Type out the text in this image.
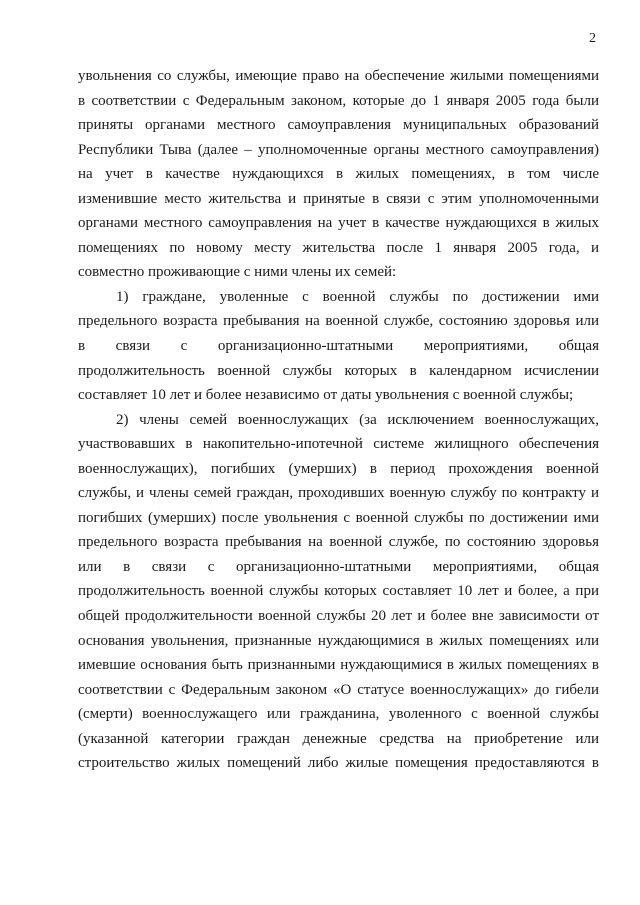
2
увольнения со службы, имеющие право на обеспечение жилыми помещениями
в соответствии с Федеральным законом, которые до 1 января 2005 года были
приняты органами местного самоуправления муниципальных образований
Республики Тыва (далее – уполномоченные органы местного самоуправления)
на учет в качестве нуждающихся в жилых помещениях, в том числе
изменившие место жительства и принятые в связи с этим уполномоченными
органами местного самоуправления на учет в качестве нуждающихся в жилых
помещениях по новому месту жительства после 1 января 2005 года, и
совместно проживающие с ними члены их семей:
1) граждане, уволенные с военной службы по достижении ими
предельного возраста пребывания на военной службе, состоянию здоровья или
в связи с организационно-штатными мероприятиями, общая
продолжительность военной службы которых в календарном исчислении
составляет 10 лет и более независимо от даты увольнения с военной службы;
2) члены семей военнослужащих (за исключением военнослужащих,
участвовавших в накопительно-ипотечной системе жилищного обеспечения
военнослужащих), погибших (умерших) в период прохождения военной
службы, и члены семей граждан, проходивших военную службу по контракту и
погибших (умерших) после увольнения с военной службы по достижении ими
предельного возраста пребывания на военной службе, по состоянию здоровья
или в связи с организационно-штатными мероприятиями, общая
продолжительность военной службы которых составляет 10 лет и более, а при
общей продолжительности военной службы 20 лет и более вне зависимости от
основания увольнения, признанные нуждающимися в жилых помещениях или
имевшие основания быть признанными нуждающимися в жилых помещениях в
соответствии с Федеральным законом «О статусе военнослужащих» до гибели
(смерти) военнослужащего или гражданина, уволенного с военной службы
(указанной категории граждан денежные средства на приобретение или
строительство жилых помещений либо жилые помещения предоставляются в
